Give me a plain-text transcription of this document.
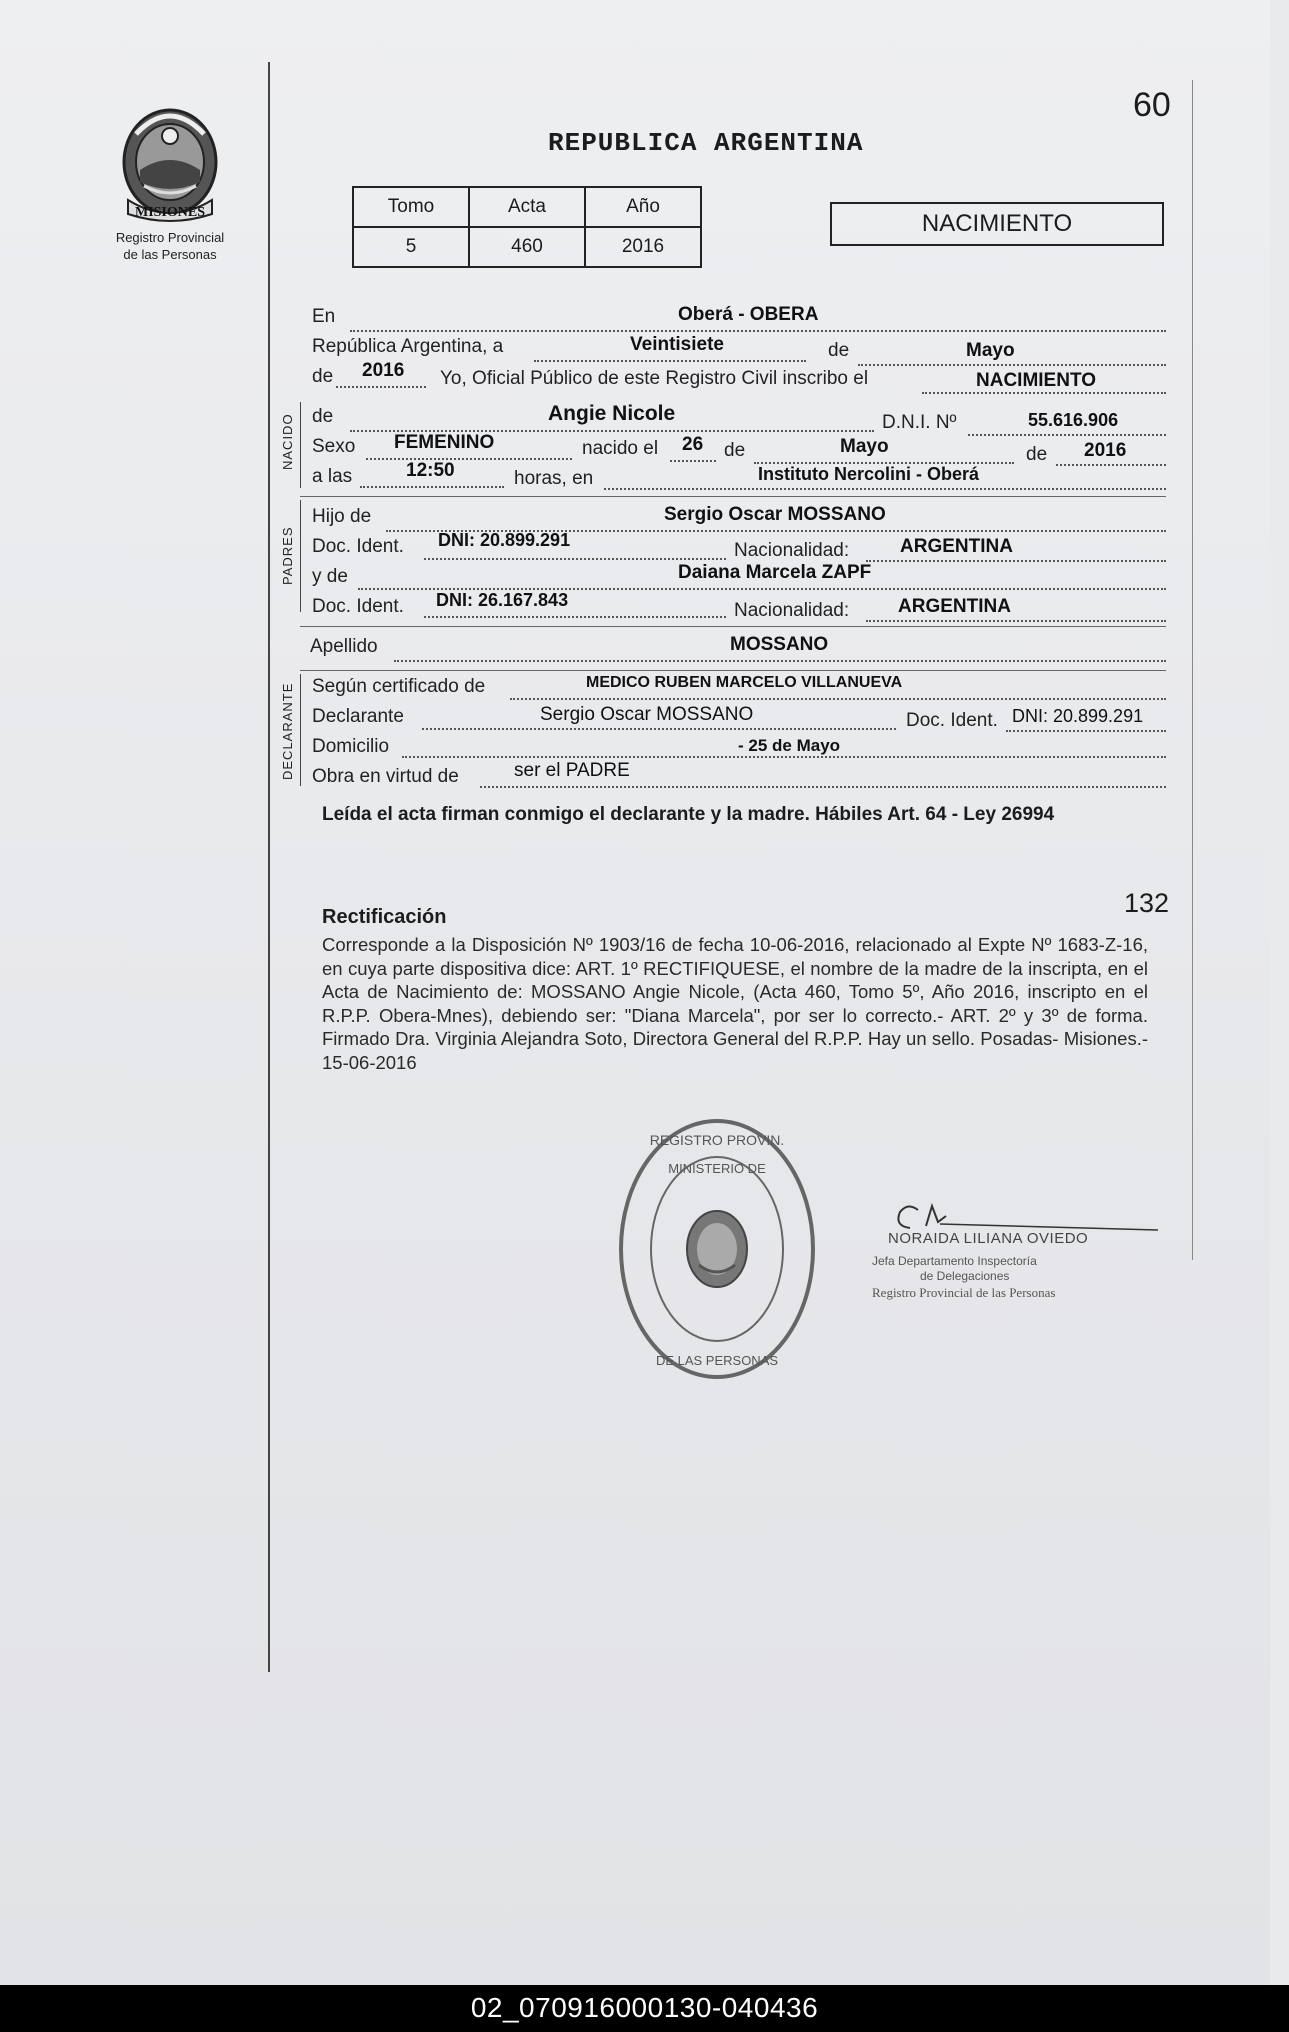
MISIONES
Registro Provincial
de las Personas
60
REPUBLICA ARGENTINA
Tomo	Acta	Año
5	460	2016
NACIMIENTO
NACIDO
PADRES
DECLARANTE
En	Oberá - OBERA
República Argentina, a	Veintisiete	de	Mayo
de 2016 Yo, Oficial Público de este Registro Civil inscribo el	NACIMIENTO
de	Angie Nicole	D.N.I. Nº	55.616.906
Sexo FEMENINO	nacido el 26 de	Mayo	de 2016
a las	12:50	horas, en	Instituto Nercolini - Oberá
Hijo de	Sergio Oscar MOSSANO
Doc. Ident. DNI: 20.899.291	Nacionalidad:	ARGENTINA
y de	Daiana Marcela ZAPF
Doc. Ident. DNI: 26.167.843	Nacionalidad:	ARGENTINA
Apellido	MOSSANO
Según certificado de	MEDICO RUBEN MARCELO VILLANUEVA
Declarante	Sergio Oscar MOSSANO	Doc. Ident. DNI: 20.899.291
Domicilio	- 25 de Mayo
Obra en virtud de	ser el PADRE
Leída el acta firman conmigo el declarante y la madre. Hábiles Art. 64 - Ley 26994
132
Rectificación
Corresponde a la Disposición Nº 1903/16 de fecha 10-06-2016, relacionado al Expte Nº 1683-Z-16, en cuya parte dispositiva dice: ART. 1º RECTIFIQUESE, el nombre de la madre de la inscripta, en el Acta de Nacimiento de: MOSSANO Angie Nicole, (Acta 460, Tomo 5º, Año 2016, inscripto en el R.P.P. Obera-Mnes), debiendo ser: "Diana Marcela", por ser lo correcto.- ART. 2º y 3º de forma. Firmado Dra. Virginia Alejandra Soto, Directora General del R.P.P. Hay un sello. Posadas- Misiones.- 15-06-2016
REGISTRO PROVIN.
MINISTERIO DE
DE LAS PERSONAS
NORAIDA LILIANA OVIEDO
Jefa Departamento Inspectoría
de Delegaciones
Registro Provincial de las Personas
02_070916000130-040436
